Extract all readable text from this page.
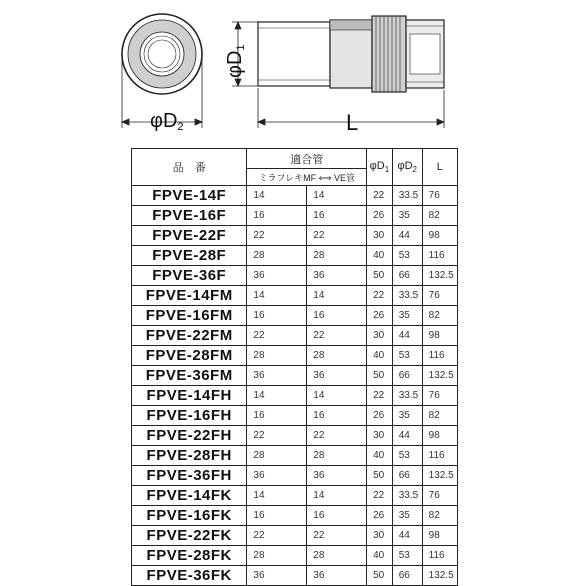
$\varphi D_2$	L
$\varphi D_1$
品　番	適合管		$\varphi D_1$	$\varphi D_2$	L
	ミラフレキMF ⟺ VE管				
FPVE-14F	14	14	22	33.5	76
FPVE-16F	16	16	26	35	82
FPVE-22F	22	22	30	44	98
FPVE-28F	28	28	40	53	116
FPVE-36F	36	36	50	66	132.5
FPVE-14FM	14	14	22	33.5	76
FPVE-16FM	16	16	26	35	82
FPVE-22FM	22	22	30	44	98
FPVE-28FM	28	28	40	53	116
FPVE-36FM	36	36	50	66	132.5
FPVE-14FH	14	14	22	33.5	76
FPVE-16FH	16	16	26	35	82
FPVE-22FH	22	22	30	44	98
FPVE-28FH	28	28	40	53	116
FPVE-36FH	36	36	50	66	132.5
FPVE-14FK	14	14	22	33.5	76
FPVE-16FK	16	16	26	35	82
FPVE-22FK	22	22	30	44	98
FPVE-28FK	28	28	40	53	116
FPVE-36FK	36	36	50	66	132.5
